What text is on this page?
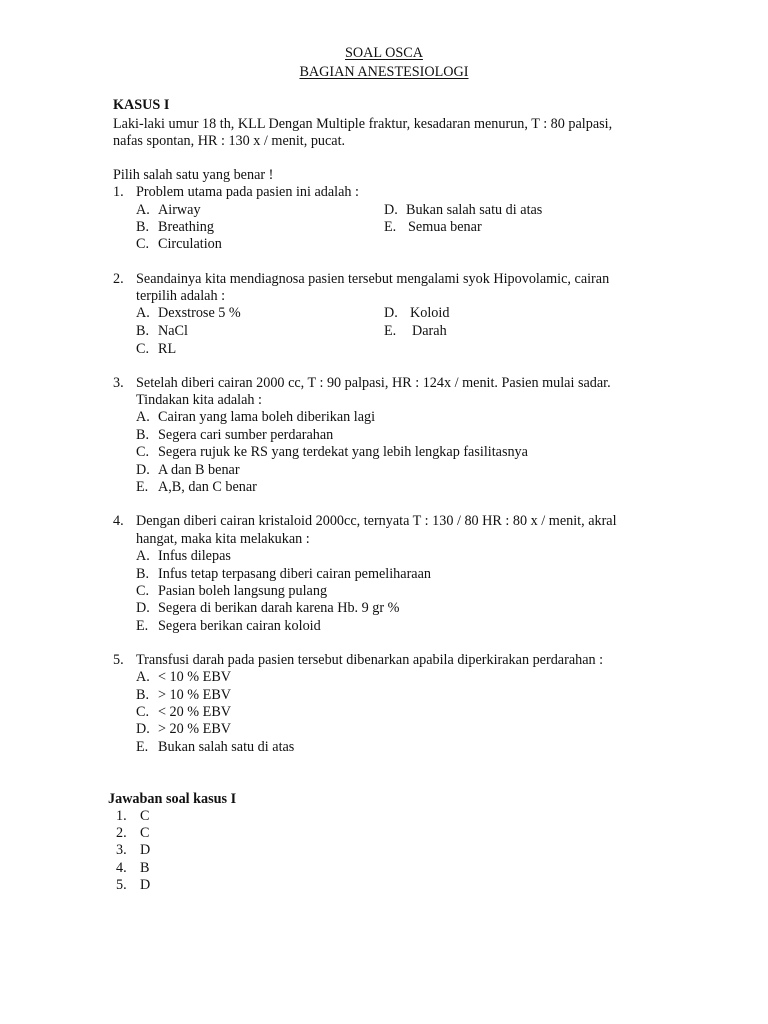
SOAL OSCA
BAGIAN ANESTESIOLOGI
KASUS I
Laki-laki umur 18 th, KLL Dengan Multiple fraktur, kesadaran menurun, T : 80 palpasi,
nafas spontan, HR : 130 x / menit, pucat.
Pilih salah satu yang benar !
1. Problem utama pada pasien ini adalah :
A. Airway	D. Bukan salah satu di atas
B. Breathing	E. Semua benar
C. Circulation
2. Seandainya kita mendiagnosa pasien tersebut mengalami syok Hipovolamic, cairan
terpilih adalah :
A. Dexstrose 5 %	D. Koloid
B. NaCl	E. Darah
C. RL
3. Setelah diberi cairan 2000 cc, T : 90 palpasi, HR : 124x / menit. Pasien mulai sadar.
Tindakan kita adalah :
A. Cairan yang lama boleh diberikan lagi
B. Segera cari sumber perdarahan
C. Segera rujuk ke RS yang terdekat yang lebih lengkap fasilitasnya
D. A dan B benar
E. A,B, dan C benar
4. Dengan diberi cairan kristaloid 2000cc, ternyata T : 130 / 80 HR : 80 x / menit, akral
hangat, maka kita melakukan :
A. Infus dilepas
B. Infus tetap terpasang diberi cairan pemeliharaan
C. Pasian boleh langsung pulang
D. Segera di berikan darah karena Hb. 9 gr %
E. Segera berikan cairan koloid
5. Transfusi darah pada pasien tersebut dibenarkan apabila diperkirakan perdarahan :
A. < 10 % EBV
B. > 10 % EBV
C. < 20 % EBV
D. > 20 % EBV
E. Bukan salah satu di atas
Jawaban soal kasus I
1. C
2. C
3. D
4. B
5. D
